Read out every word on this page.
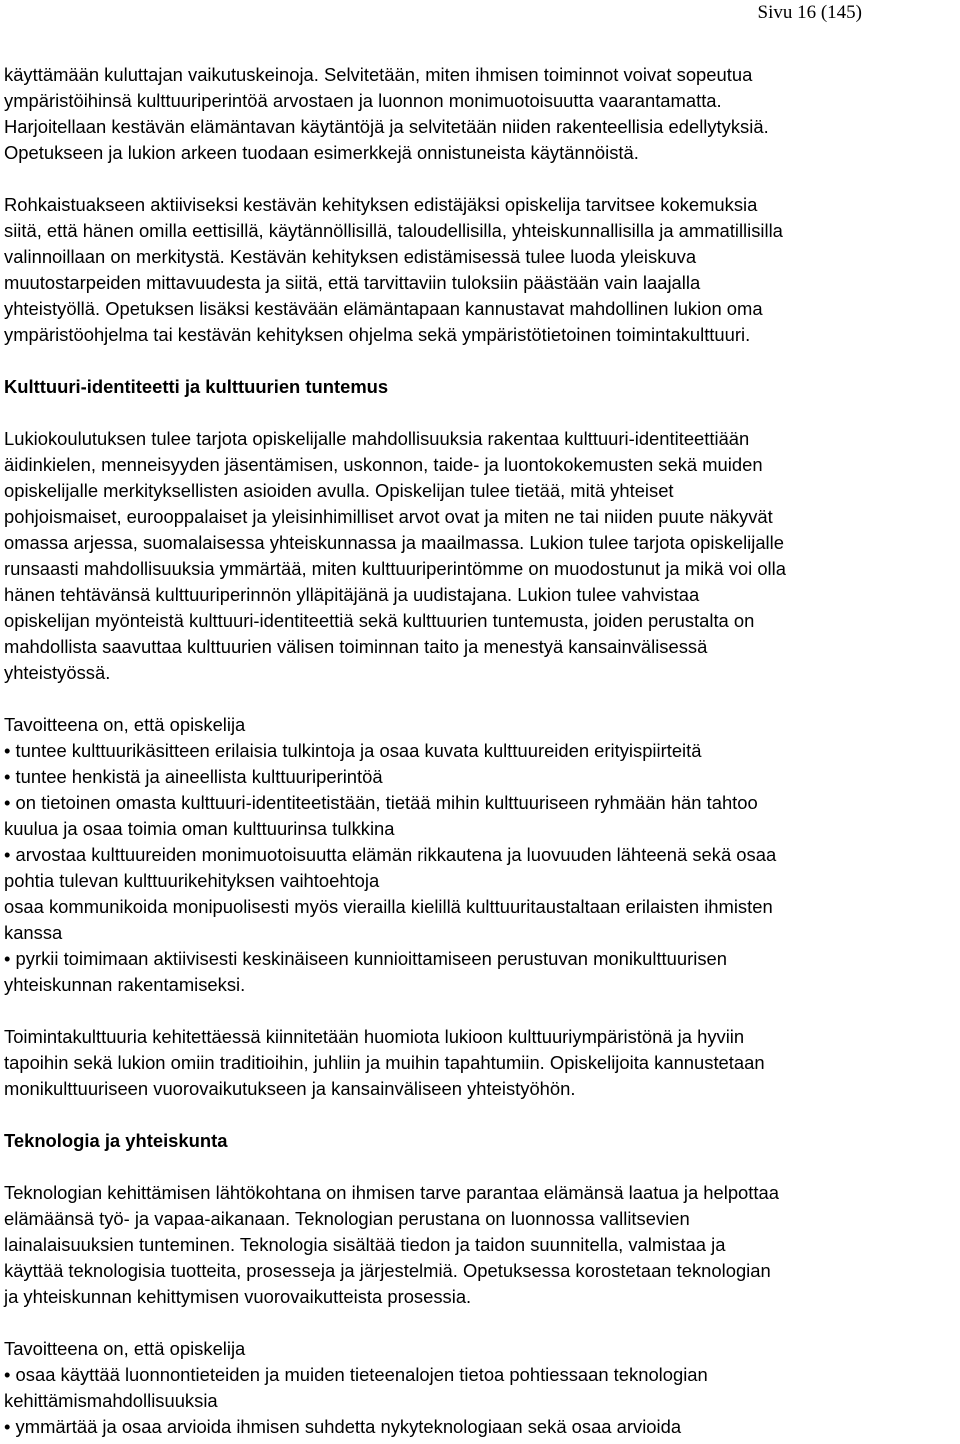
Sivu 16 (145)

käyttämään kuluttajan vaikutuskeinoja. Selvitetään, miten ihmisen toiminnot voivat sopeutua
ympäristöihinsä kulttuuriperintöä arvostaen ja luonnon monimuotoisuutta vaarantamatta.
Harjoitellaan kestävän elämäntavan käytäntöjä ja selvitetään niiden rakenteellisia edellytyksiä.
Opetukseen ja lukion arkeen tuodaan esimerkkejä onnistuneista käytännöistä.

Rohkaistuakseen aktiiviseksi kestävän kehityksen edistäjäksi opiskelija tarvitsee kokemuksia
siitä, että hänen omilla eettisillä, käytännöllisillä, taloudellisilla, yhteiskunnallisilla ja ammatillisilla
valinnoillaan on merkitystä. Kestävän kehityksen edistämisessä tulee luoda yleiskuva
muutostarpeiden mittavuudesta ja siitä, että tarvittaviin tuloksiin päästään vain laajalla
yhteistyöllä. Opetuksen lisäksi kestävään elämäntapaan kannustavat mahdollinen lukion oma
ympäristöohjelma tai kestävän kehityksen ohjelma sekä ympäristötietoinen toimintakulttuuri.

Kulttuuri-identiteetti ja kulttuurien tuntemus

Lukiokoulutuksen tulee tarjota opiskelijalle mahdollisuuksia rakentaa kulttuuri-identiteettiään
äidinkielen, menneisyyden jäsentämisen, uskonnon, taide- ja luontokokemusten sekä muiden
opiskelijalle merkityksellisten asioiden avulla. Opiskelijan tulee tietää, mitä yhteiset
pohjoismaiset, eurooppalaiset ja yleisinhimilliset arvot ovat ja miten ne tai niiden puute näkyvät
omassa arjessa, suomalaisessa yhteiskunnassa ja maailmassa. Lukion tulee tarjota opiskelijalle
runsaasti mahdollisuuksia ymmärtää, miten kulttuuriperintömme on muodostunut ja mikä voi olla
hänen tehtävänsä kulttuuriperinnön ylläpitäjänä ja uudistajana. Lukion tulee vahvistaa
opiskelijan myönteistä kulttuuri-identiteettiä sekä kulttuurien tuntemusta, joiden perustalta on
mahdollista saavuttaa kulttuurien välisen toiminnan taito ja menestyä kansainvälisessä
yhteistyössä.

Tavoitteena on, että opiskelija
• tuntee kulttuurikäsitteen erilaisia tulkintoja ja osaa kuvata kulttuureiden erityispiirteitä
• tuntee henkistä ja aineellista kulttuuriperintöä
• on tietoinen omasta kulttuuri-identiteetistään, tietää mihin kulttuuriseen ryhmään hän tahtoo
kuulua ja osaa toimia oman kulttuurinsa tulkkina
• arvostaa kulttuureiden monimuotoisuutta elämän rikkautena ja luovuuden lähteenä sekä osaa
pohtia tulevan kulttuurikehityksen vaihtoehtoja
osaa kommunikoida monipuolisesti myös vierailla kielillä kulttuuritaustaltaan erilaisten ihmisten
kanssa
• pyrkii toimimaan aktiivisesti keskinäiseen kunnioittamiseen perustuvan monikulttuurisen
yhteiskunnan rakentamiseksi.

Toimintakulttuuria kehitettäessä kiinnitetään huomiota lukioon kulttuuriympäristönä ja hyviin
tapoihin sekä lukion omiin traditioihin, juhliin ja muihin tapahtumiin. Opiskelijoita kannustetaan
monikulttuuriseen vuorovaikutukseen ja kansainväliseen yhteistyöhön.

Teknologia ja yhteiskunta

Teknologian kehittämisen lähtökohtana on ihmisen tarve parantaa elämänsä laatua ja helpottaa
elämäänsä työ- ja vapaa-aikanaan. Teknologian perustana on luonnossa vallitsevien
lainalaisuuksien tunteminen. Teknologia sisältää tiedon ja taidon suunnitella, valmistaa ja
käyttää teknologisia tuotteita, prosesseja ja järjestelmiä. Opetuksessa korostetaan teknologian
ja yhteiskunnan kehittymisen vuorovaikutteista prosessia.

Tavoitteena on, että opiskelija
• osaa käyttää luonnontieteiden ja muiden tieteenalojen tietoa pohtiessaan teknologian
kehittämismahdollisuuksia
• ymmärtää ja osaa arvioida ihmisen suhdetta nykyteknologiaan sekä osaa arvioida
